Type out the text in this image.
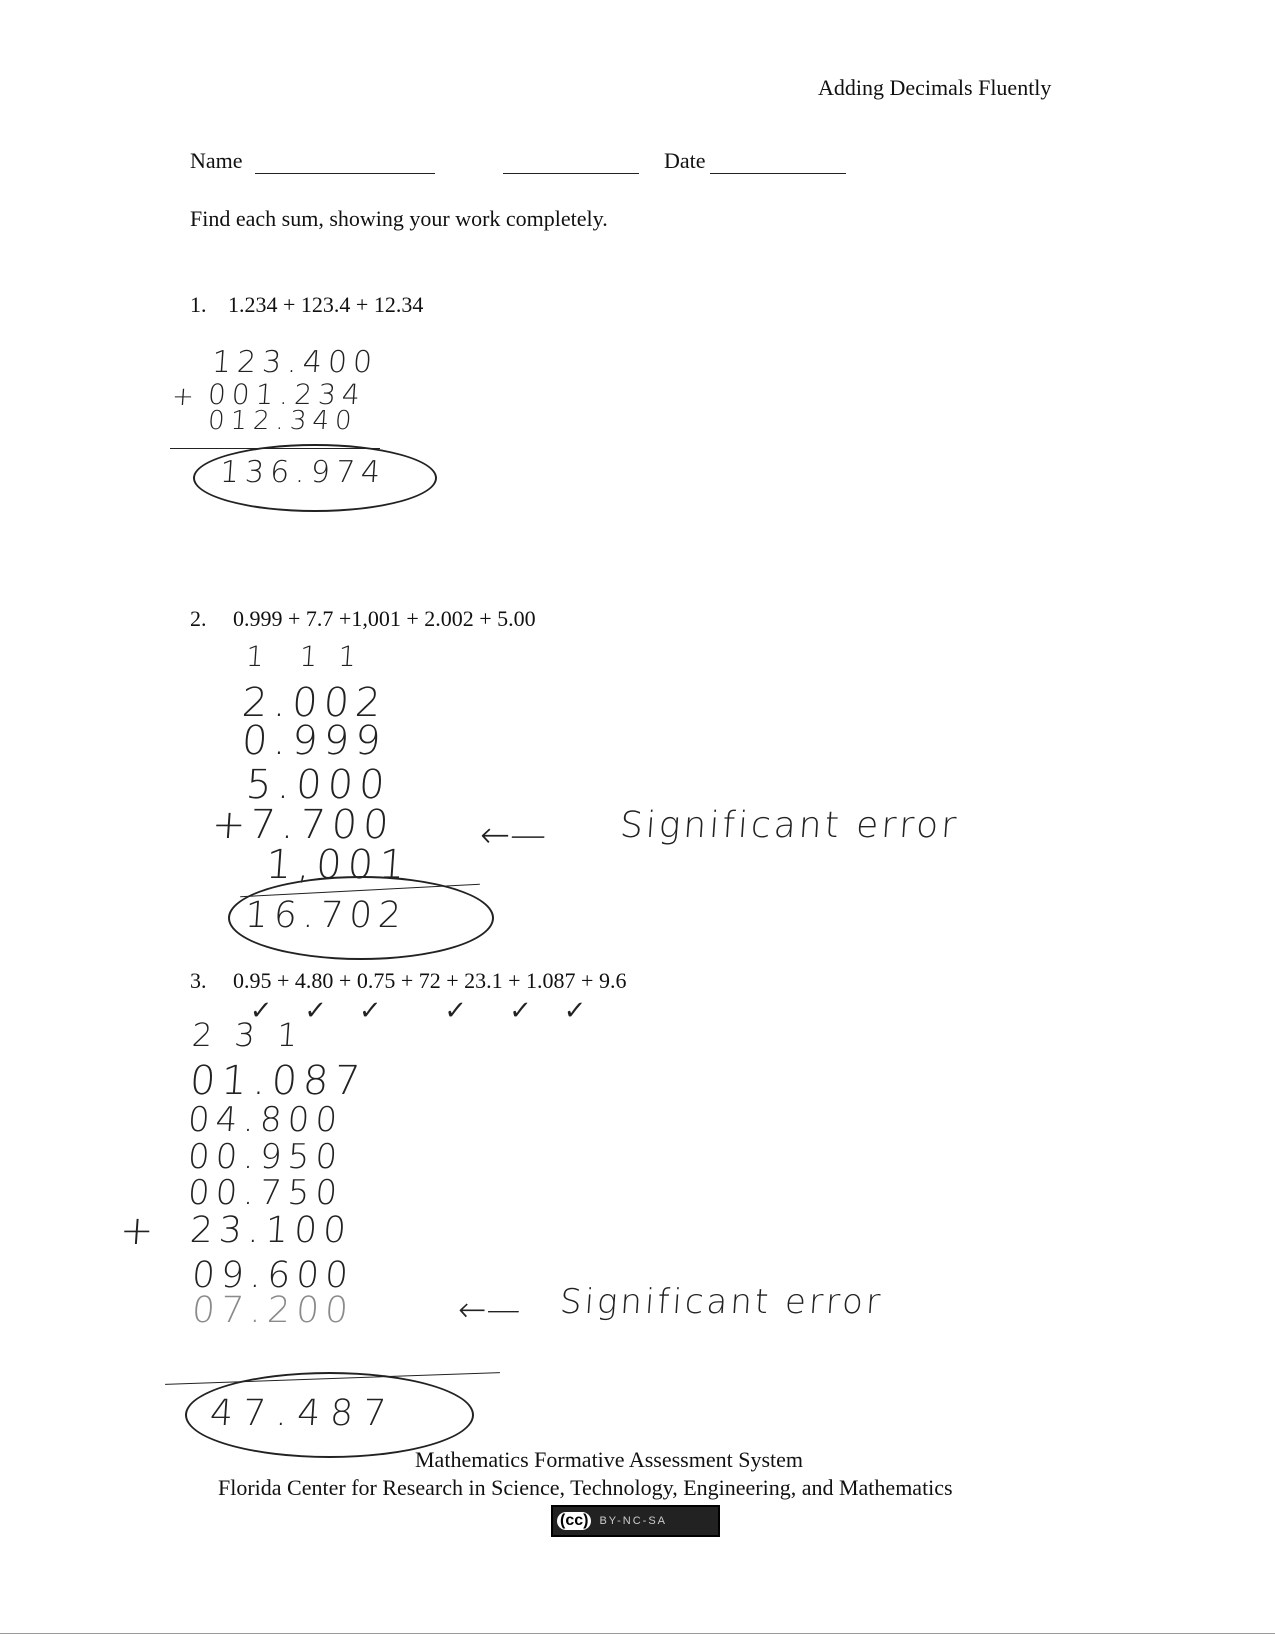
Adding Decimals Fluently
Name	Date
Find each sum, showing your work completely.
1. 1.234 + 123.4 + 12.34
123.400
+ 001.234
012.340
136.974
2. 0.999 + 7.7 +1,001 + 2.002 + 5.00
1  1 1
2.002
0.999
5.000
+
7.700
1,001
16.702
←— Significant error
3. 0.95 + 4.80 + 0.75 + 72 + 23.1 + 1.087 + 9.6
✓   ✓   ✓      ✓    ✓   ✓
2 3 1
01.087
04.800
00.950
00.750
+ 23.100
09.600
07.200
47.487
←— Significant error
Mathematics Formative Assessment System
Florida Center for Research in Science, Technology, Engineering, and Mathematics
(cc) BY-NC-SA
